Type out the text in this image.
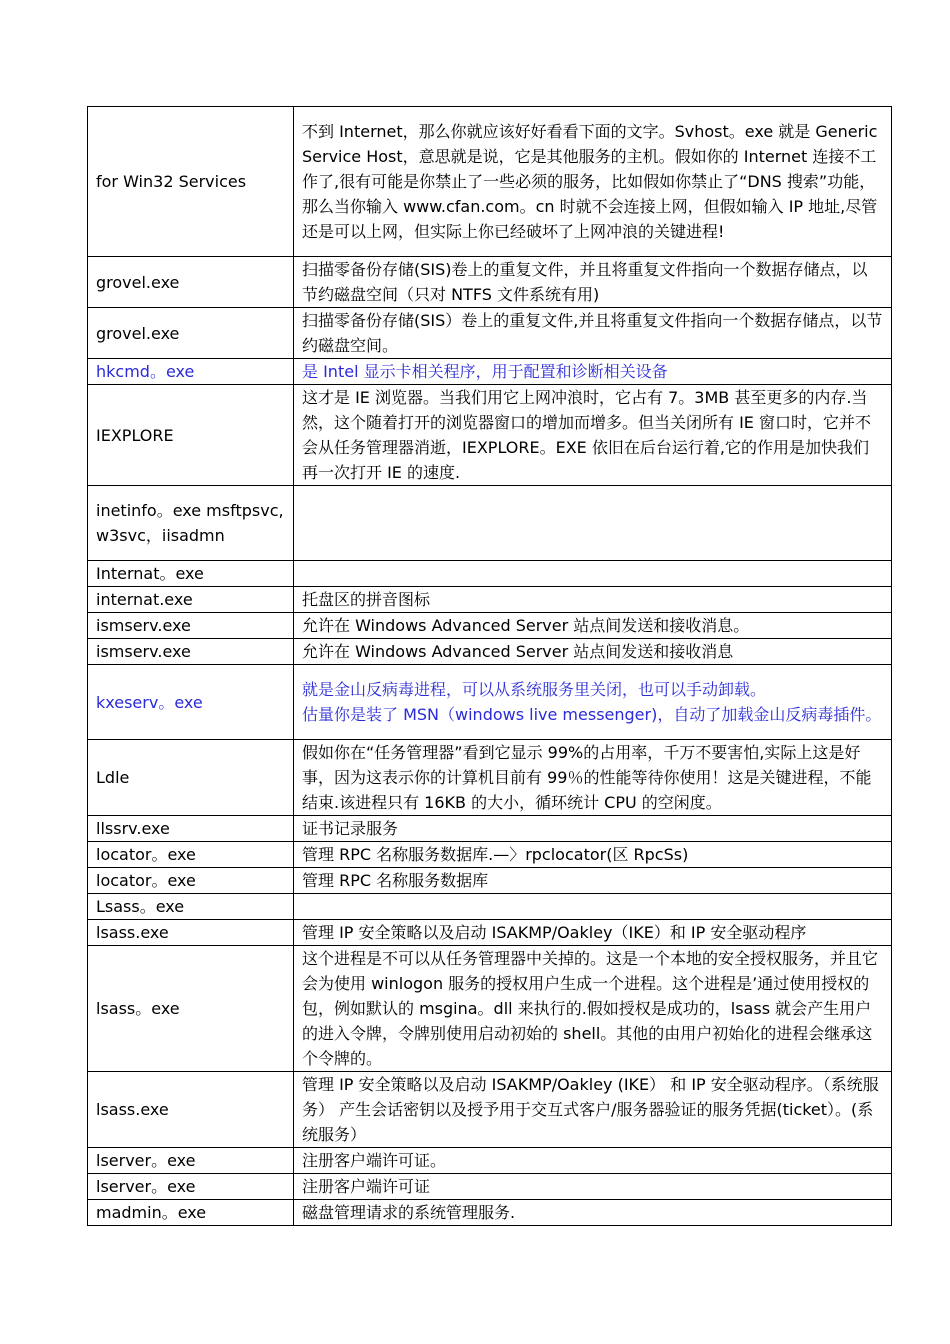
for Win32 Services	不到 Internet，那么你就应该好好看看下面的文字。Svhost。exe 就是 Generic Service Host，意思就是说，它是其他服务的主机。假如你的 Internet 连接不工作了,很有可能是你禁止了一些必须的服务，比如假如你禁止了“DNS 搜索”功能，那么当你输入 www.cfan.com。cn 时就不会连接上网，但假如输入 IP 地址,尽管还是可以上网，但实际上你已经破坏了上网冲浪的关键进程!
grovel.exe	扫描零备份存储(SIS)卷上的重复文件，并且将重复文件指向一个数据存储点，以节约磁盘空间（只对 NTFS 文件系统有用)
grovel.exe	扫描零备份存储(SIS）卷上的重复文件,并且将重复文件指向一个数据存储点，以节约磁盘空间。
hkcmd。exe	是 Intel 显示卡相关程序，用于配置和诊断相关设备
IEXPLORE	这才是 IE 浏览器。当我们用它上网冲浪时，它占有 7。3MB 甚至更多的内存.当然，这个随着打开的浏览器窗口的增加而增多。但当关闭所有 IE 窗口时，它并不会从任务管理器消逝，IEXPLORE。EXE 依旧在后台运行着,它的作用是加快我们再一次打开 IE 的速度.
inetinfo。exe msftpsvc,w3svc，iisadmn	
Internat。exe	
internat.exe	托盘区的拼音图标
ismserv.exe	允许在 Windows Advanced Server 站点间发送和接收消息。
ismserv.exe	允许在 Windows Advanced Server 站点间发送和接收消息
kxeserv。exe	就是金山反病毒进程，可以从系统服务里关闭，也可以手动卸载。
估量你是装了 MSN（windows live messenger)，自动了加载金山反病毒插件。

Ldle	假如你在“任务管理器”看到它显示 99%的占用率，千万不要害怕,实际上这是好事，因为这表示你的计算机目前有 99％的性能等待你使用！这是关键进程，不能结束.该进程只有 16KB 的大小，循环统计 CPU 的空闲度。
llssrv.exe	证书记录服务
locator。exe	管理 RPC 名称服务数据库.—〉rpclocator(区 RpcSs)
locator。exe	管理 RPC 名称服务数据库
Lsass。exe	
lsass.exe	管理 IP 安全策略以及启动 ISAKMP/Oakley（IKE）和 IP 安全驱动程序
lsass。exe	这个进程是不可以从任务管理器中关掉的。这是一个本地的安全授权服务，并且它会为使用 winlogon 服务的授权用户生成一个进程。这个进程是’通过使用授权的包，例如默认的 msgina。dll 来执行的.假如授权是成功的，lsass 就会产生用户的进入令牌，令牌别使用启动初始的 shell。其他的由用户初始化的进程会继承这个令牌的。
lsass.exe	管理 IP 安全策略以及启动 ISAKMP/Oakley (IKE） 和 IP 安全驱动程序。（系统服务） 产生会话密钥以及授予用于交互式客户/服务器验证的服务凭据(ticket）。(系统服务）
lserver。exe	注册客户端许可证。
lserver。exe	注册客户端许可证
madmin。exe	磁盘管理请求的系统管理服务.
